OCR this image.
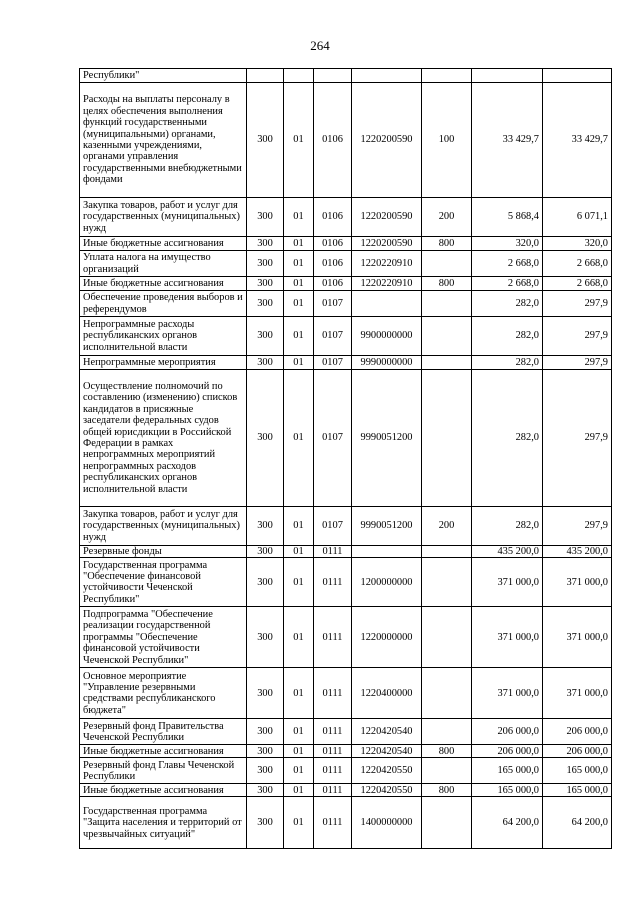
264
Республики"							
Расходы на выплаты персоналу в целях обеспечения выполнения функций государственными (муниципальными) органами, казенными учреждениями, органами управления государственными внебюджетными фондами	300	01	0106	1220200590	100	33 429,7	33 429,7
Закупка товаров, работ и услуг для государственных (муниципальных) нужд	300	01	0106	1220200590	200	5 868,4	6 071,1
Иные бюджетные ассигнования	300	01	0106	1220200590	800	320,0	320,0
Уплата налога на имущество организаций	300	01	0106	1220220910		2 668,0	2 668,0
Иные бюджетные ассигнования	300	01	0106	1220220910	800	2 668,0	2 668,0
Обеспечение проведения выборов и референдумов	300	01	0107			282,0	297,9
Непрограммные расходы республиканских органов исполнительной власти	300	01	0107	9900000000		282,0	297,9
Непрограммные мероприятия	300	01	0107	9990000000		282,0	297,9
Осуществление полномочий по составлению (изменению) списков кандидатов в присяжные заседатели федеральных судов общей юрисдикции в Российской Федерации в рамках непрограммных мероприятий непрограммных расходов республиканских органов исполнительной власти	300	01	0107	9990051200		282,0	297,9
Закупка товаров, работ и услуг для государственных (муниципальных) нужд	300	01	0107	9990051200	200	282,0	297,9
Резервные фонды	300	01	0111			435 200,0	435 200,0
Государственная программа "Обеспечение финансовой устойчивости Чеченской Республики"	300	01	0111	1200000000		371 000,0	371 000,0
Подпрограмма "Обеспечение реализации государственной программы "Обеспечение финансовой устойчивости Чеченской Республики"	300	01	0111	1220000000		371 000,0	371 000,0
Основное мероприятие "Управление резервными средствами республиканского бюджета"	300	01	0111	1220400000		371 000,0	371 000,0
Резервный фонд Правительства Чеченской Республики	300	01	0111	1220420540		206 000,0	206 000,0
Иные бюджетные ассигнования	300	01	0111	1220420540	800	206 000,0	206 000,0
Резервный фонд Главы Чеченской Республики	300	01	0111	1220420550		165 000,0	165 000,0
Иные бюджетные ассигнования	300	01	0111	1220420550	800	165 000,0	165 000,0
Государственная программа "Защита населения и территорий от чрезвычайных ситуаций"	300	01	0111	1400000000		64 200,0	64 200,0
